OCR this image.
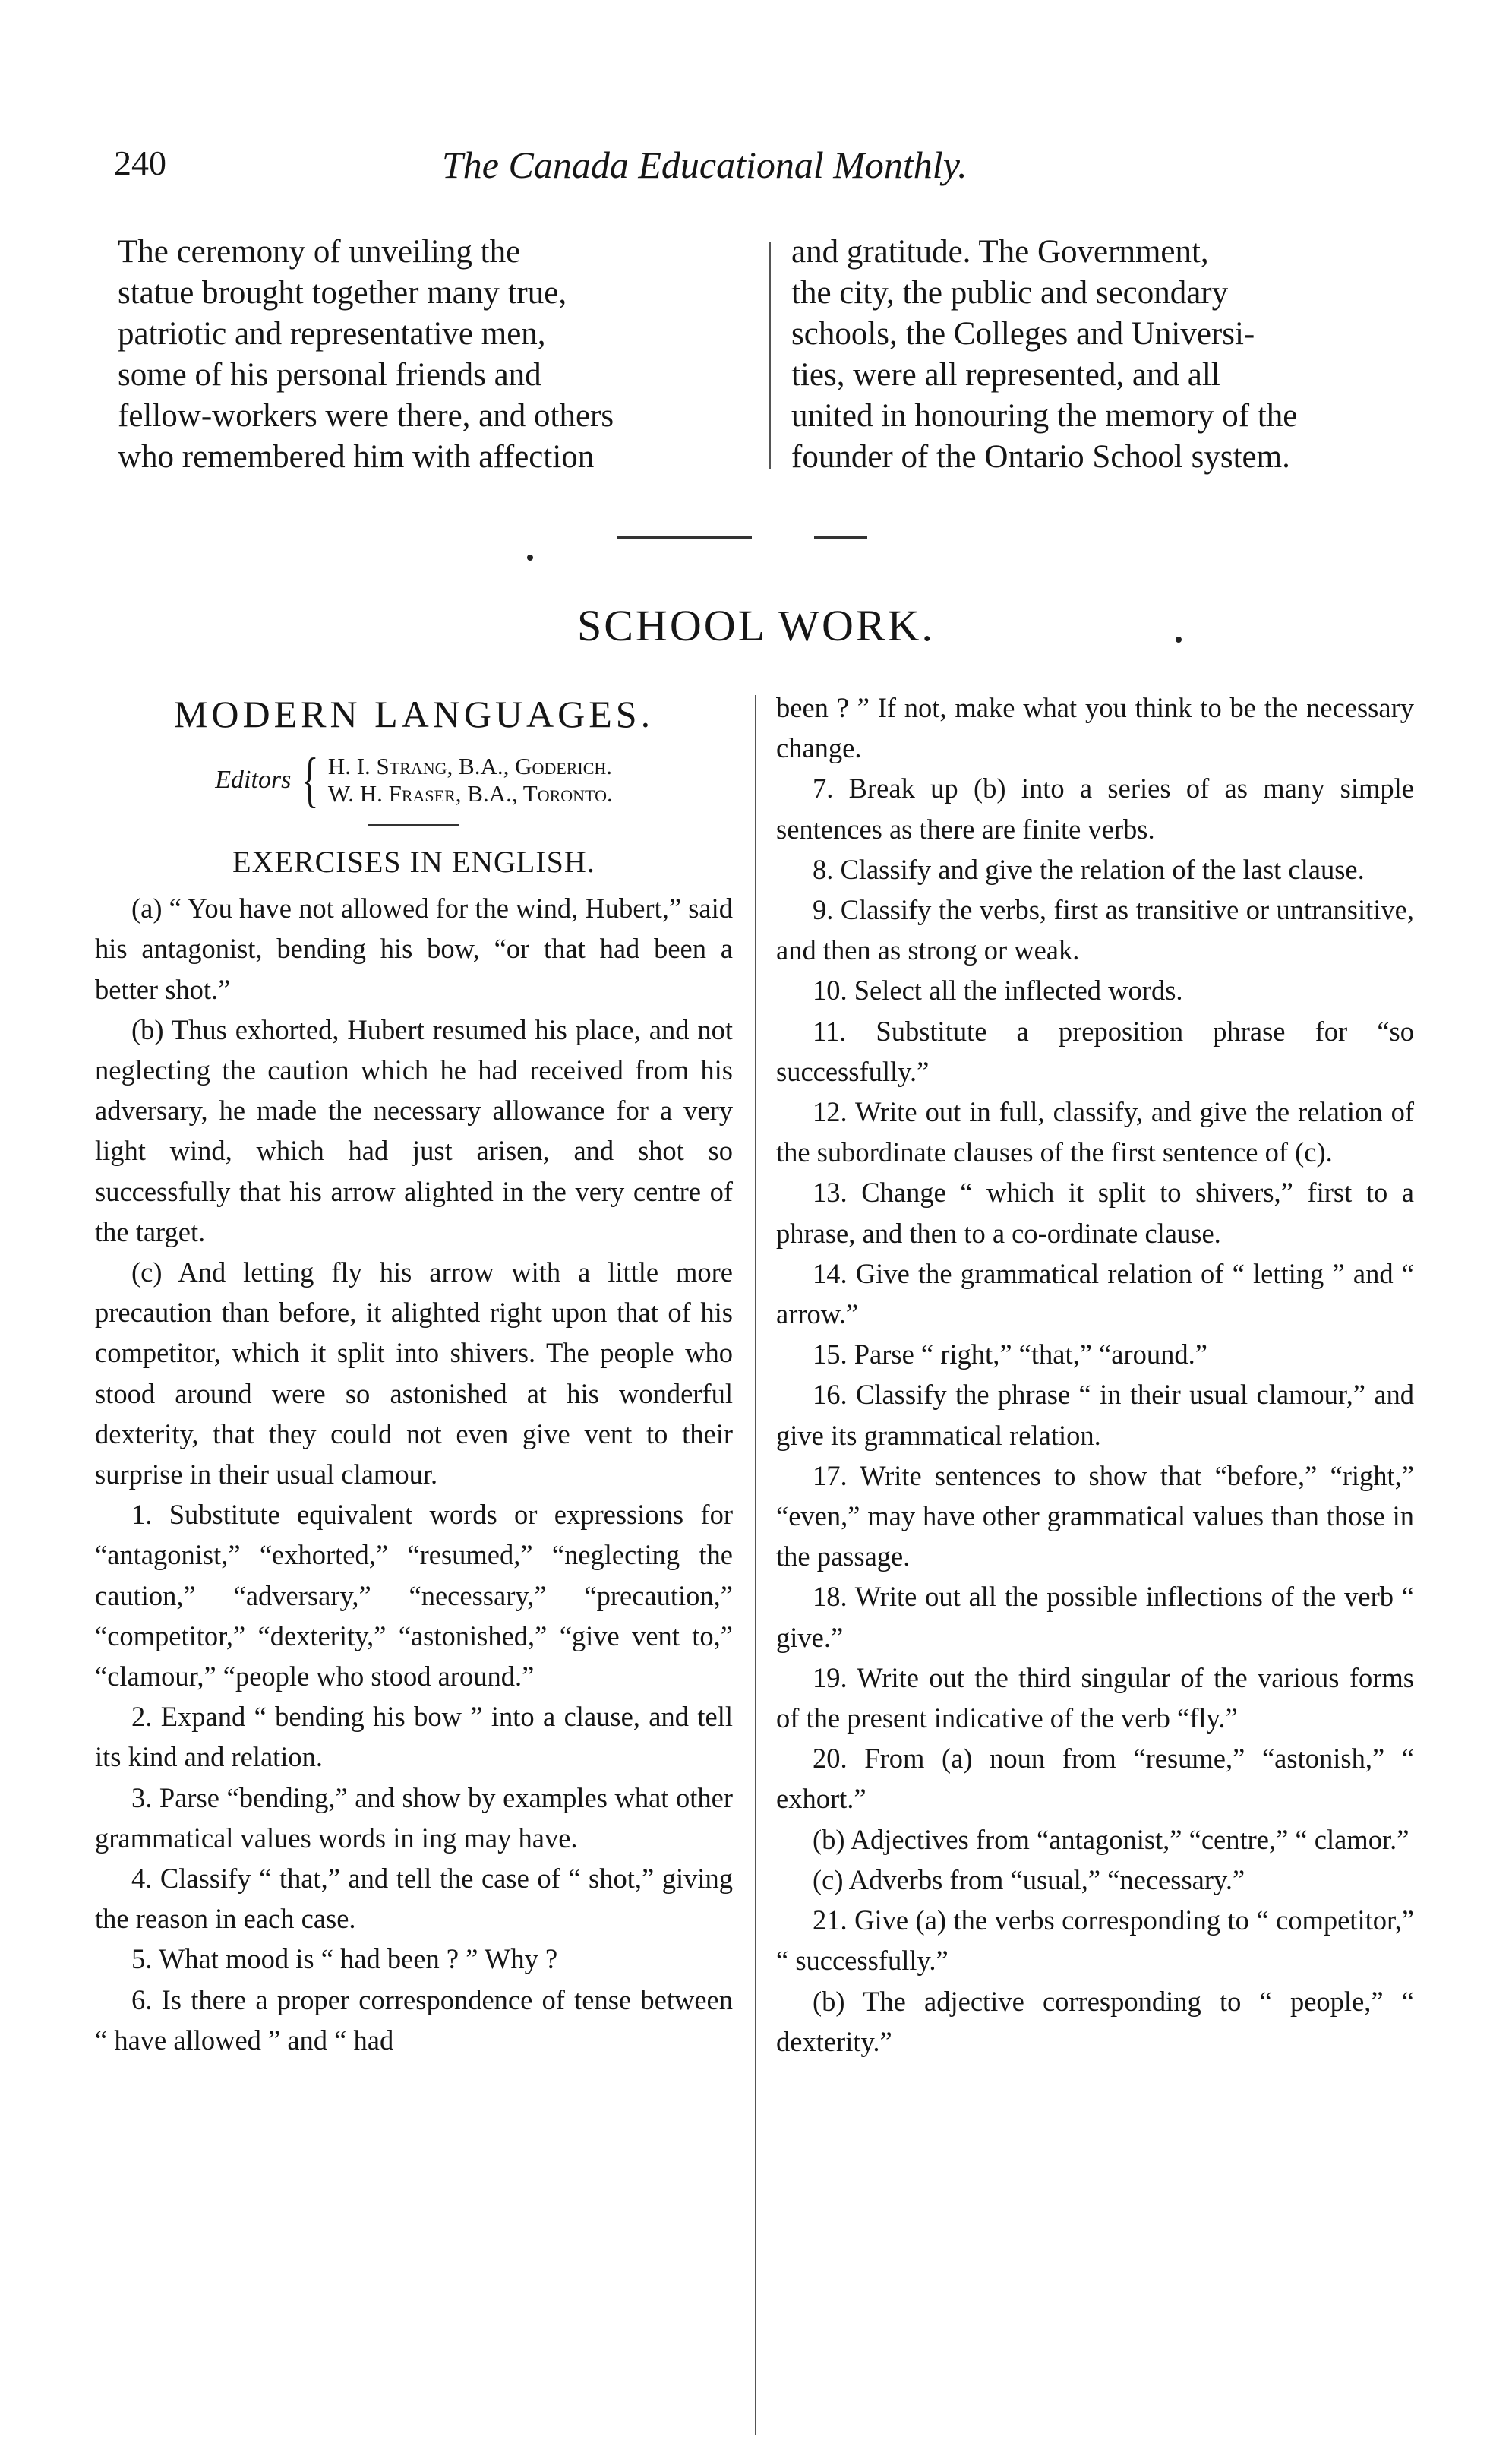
240	The Canada Educational Monthly.
The ceremony of unveiling the
statue brought together many true,
patriotic and representative men,
some of his personal friends and
fellow-workers were there, and others
who remembered him with affection
and gratitude. The Government,
the city, the public and secondary
schools, the Colleges and Universi-
ties, were all represented, and all
united in honouring the memory of the
founder of the Ontario School system.
SCHOOL WORK.
MODERN LANGUAGES.
Editors { H. I. Strang, B.A., Goderich.
W. H. Fraser, B.A., Toronto.
EXERCISES IN ENGLISH.

(a) “ You have not allowed for the wind, Hubert,” said his antagonist, bending his bow, “or that had been a better shot.”

(b) Thus exhorted, Hubert resumed his place, and not neglecting the caution which he had received from his adversary, he made the necessary allowance for a very light wind, which had just arisen, and shot so successfully that his arrow alighted in the very centre of the target.

(c) And letting fly his arrow with a little more precaution than before, it alighted right upon that of his competitor, which it split into shivers. The people who stood around were so astonished at his wonderful dexterity, that they could not even give vent to their surprise in their usual clamour.

1. Substitute equivalent words or expressions for “antagonist,” “exhorted,” “resumed,” “neglecting the caution,” “adversary,” “necessary,” “precaution,” “competitor,” “dexterity,” “astonished,” “give vent to,” “clamour,” “people who stood around.”

2. Expand “ bending his bow ” into a clause, and tell its kind and relation.

3. Parse “bending,” and show by examples what other grammatical values words in ing may have.

4. Classify “ that,” and tell the case of “ shot,” giving the reason in each case.

5. What mood is “ had been ? ” Why ?

6. Is there a proper correspondence of tense between “ have allowed ” and “ had

been ? ” If not, make what you think to be the necessary change.

7. Break up (b) into a series of as many simple sentences as there are finite verbs.

8. Classify and give the relation of the last clause.

9. Classify the verbs, first as transitive or untransitive, and then as strong or weak.

10. Select all the inflected words.

11. Substitute a preposition phrase for “so successfully.”

12. Write out in full, classify, and give the relation of the subordinate clauses of the first sentence of (c).

13. Change “ which it split to shivers,” first to a phrase, and then to a co-ordinate clause.

14. Give the grammatical relation of “ letting ” and “ arrow.”

15. Parse “ right,” “that,” “around.”

16. Classify the phrase “ in their usual clamour,” and give its grammatical relation.

17. Write sentences to show that “before,” “right,” “even,” may have other grammatical values than those in the passage.

18. Write out all the possible inflections of the verb “ give.”

19. Write out the third singular of the various forms of the present indicative of the verb “fly.”

20. From (a) noun from “resume,” “astonish,” “ exhort.”

(b) Adjectives from “antagonist,” “centre,” “ clamor.”

(c) Adverbs from “usual,” “necessary.”

21. Give (a) the verbs corresponding to “ competitor,” “ successfully.”

(b) The adjective corresponding to “ people,” “ dexterity.”
